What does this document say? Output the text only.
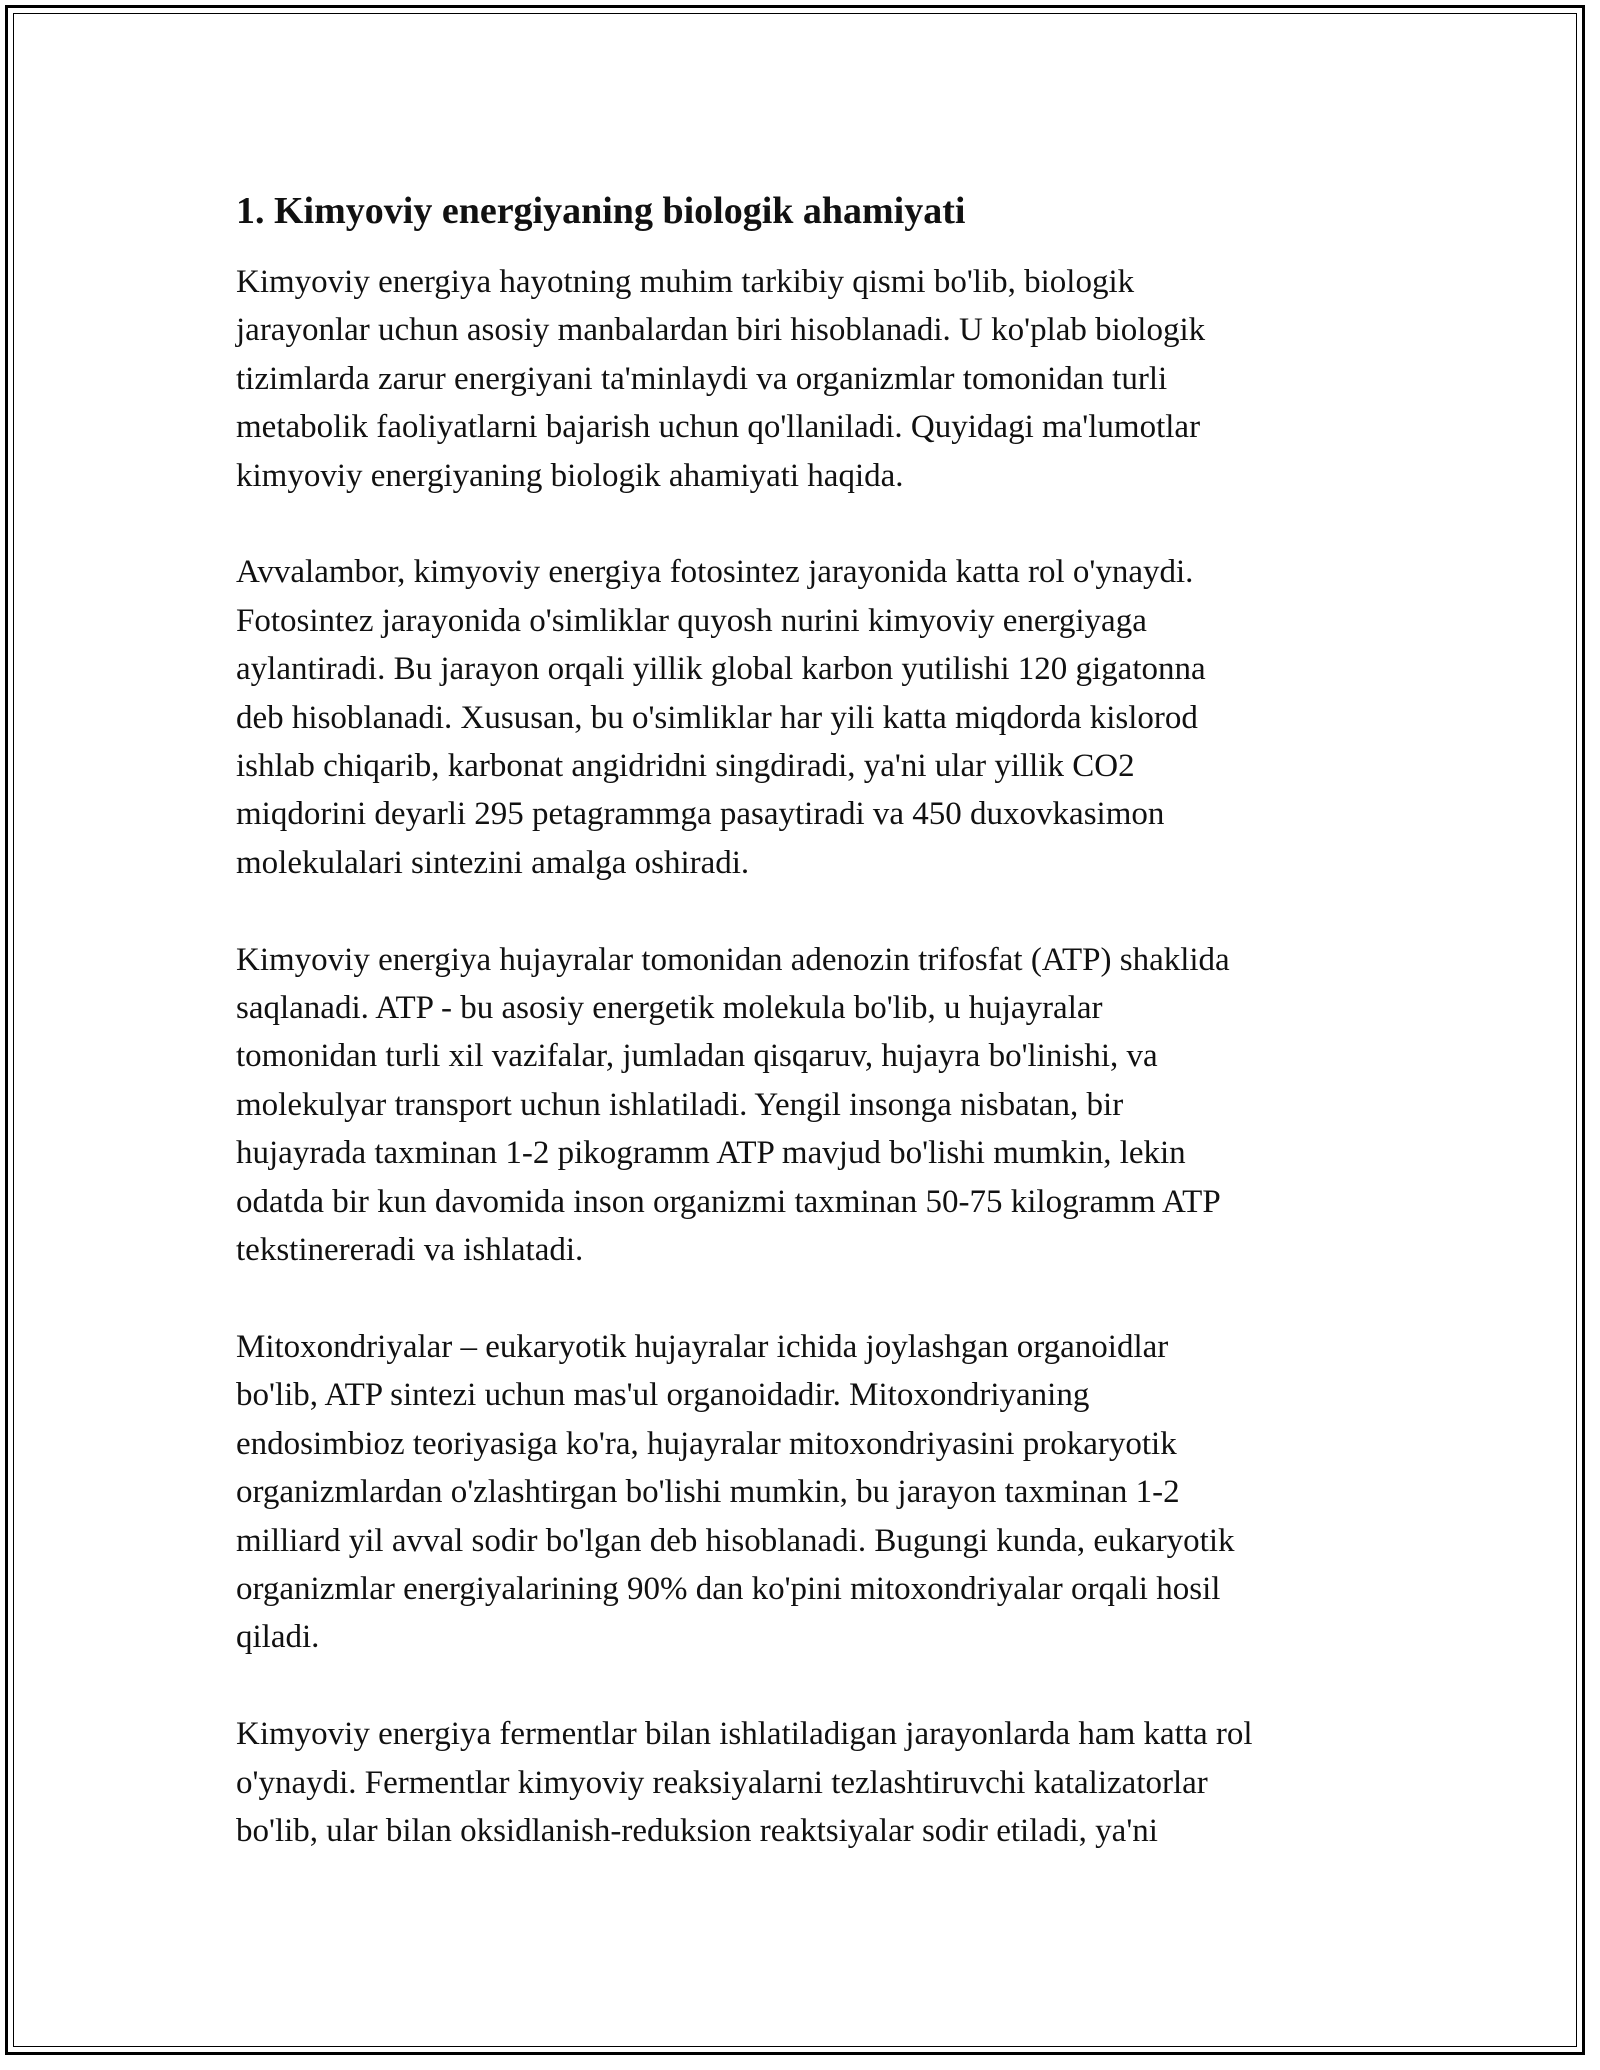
1. Kimyoviy energiyaning biologik ahamiyati

Kimyoviy energiya hayotning muhim tarkibiy qismi bo'lib, biologik
jarayonlar uchun asosiy manbalardan biri hisoblanadi. U ko'plab biologik
tizimlarda zarur energiyani ta'minlaydi va organizmlar tomonidan turli
metabolik faoliyatlarni bajarish uchun qo'llaniladi. Quyidagi ma'lumotlar
kimyoviy energiyaning biologik ahamiyati haqida.

Avvalambor, kimyoviy energiya fotosintez jarayonida katta rol o'ynaydi.
Fotosintez jarayonida o'simliklar quyosh nurini kimyoviy energiyaga
aylantiradi. Bu jarayon orqali yillik global karbon yutilishi 120 gigatonna
deb hisoblanadi. Xususan, bu o'simliklar har yili katta miqdorda kislorod
ishlab chiqarib, karbonat angidridni singdiradi, ya'ni ular yillik CO2
miqdorini deyarli 295 petagrammga pasaytiradi va 450 duxovkasimon
molekulalari sintezini amalga oshiradi.

Kimyoviy energiya hujayralar tomonidan adenozin trifosfat (ATP) shaklida
saqlanadi. ATP - bu asosiy energetik molekula bo'lib, u hujayralar
tomonidan turli xil vazifalar, jumladan qisqaruv, hujayra bo'linishi, va
molekulyar transport uchun ishlatiladi. Yengil insonga nisbatan, bir
hujayrada taxminan 1-2 pikogramm ATP mavjud bo'lishi mumkin, lekin
odatda bir kun davomida inson organizmi taxminan 50-75 kilogramm ATP
tekstinereradi va ishlatadi.

Mitoxondriyalar – eukaryotik hujayralar ichida joylashgan organoidlar
bo'lib, ATP sintezi uchun mas'ul organoidadir. Mitoxondriyaning
endosimbioz teoriyasiga ko'ra, hujayralar mitoxondriyasini prokaryotik
organizmlardan o'zlashtirgan bo'lishi mumkin, bu jarayon taxminan 1-2
milliard yil avval sodir bo'lgan deb hisoblanadi. Bugungi kunda, eukaryotik
organizmlar energiyalarining 90% dan ko'pini mitoxondriyalar orqali hosil
qiladi.

Kimyoviy energiya fermentlar bilan ishlatiladigan jarayonlarda ham katta rol
o'ynaydi. Fermentlar kimyoviy reaksiyalarni tezlashtiruvchi katalizatorlar
bo'lib, ular bilan oksidlanish-reduksion reaktsiyalar sodir etiladi, ya'ni
